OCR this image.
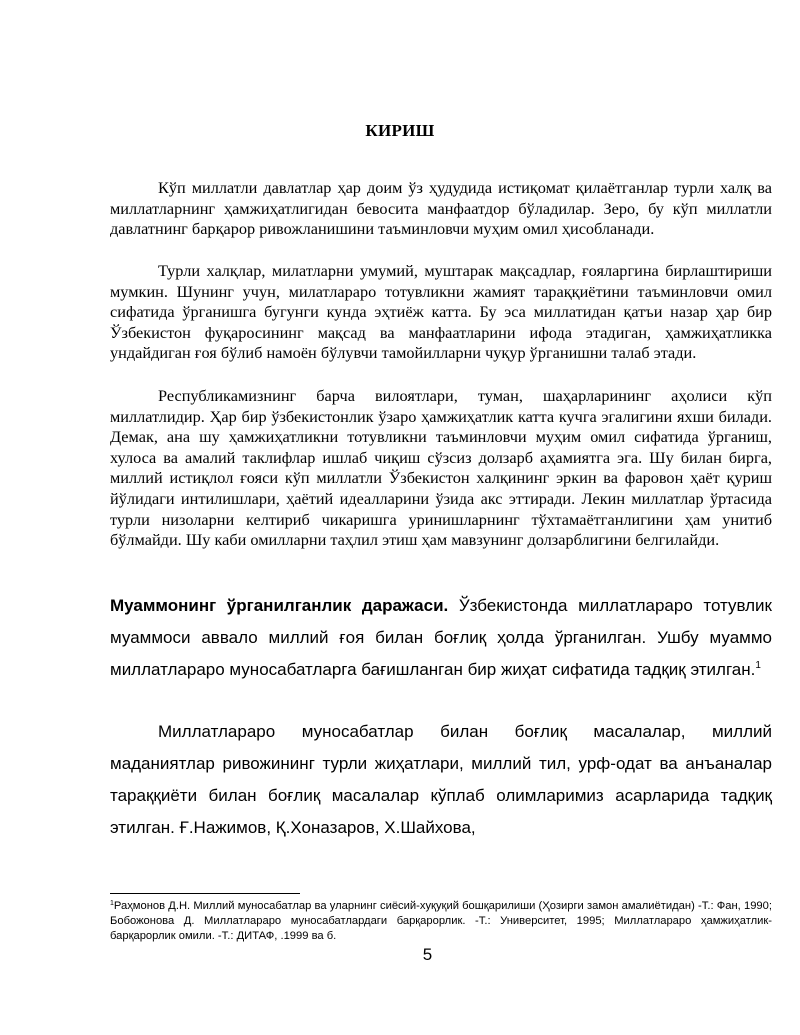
КИРИШ

Кўп миллатли давлатлар ҳар доим ўз ҳудудида истиқомат қилаётганлар турли халқ ва миллатларнинг ҳамжиҳатлигидан бевосита манфаатдор бўладилар. Зеро, бу кўп миллатли давлатнинг барқарор ривожланишини таъминловчи муҳим омил ҳисобланади.

Турли халқлар, милатларни умумий, муштарак мақсадлар, ғояларгина бирлаштириши мумкин. Шунинг учун, милатлараро тотувликни жамият тараққиётини таъминловчи омил сифатида ўрганишга бугунги кунда эҳтиёж катта. Бу эса миллатидан қатъи назар ҳар бир Ўзбекистон фуқаросининг мақсад ва манфаатларини ифода этадиган, ҳамжиҳатликка ундайдиган ғоя бўлиб намоён бўлувчи тамойилларни чуқур ўрганишни талаб этади.

Республикамизнинг барча вилоятлари, туман, шаҳарларининг аҳолиси кўп миллатлидир. Ҳар бир ўзбекистонлик ўзаро ҳамжиҳатлик катта кучга эгалигини яхши билади. Демак, ана шу ҳамжиҳатликни тотувликни таъминловчи муҳим омил сифатида ўрганиш, хулоса ва амалий таклифлар ишлаб чиқиш сўзсиз долзарб аҳамиятга эга. Шу билан бирга, миллий истиқлол ғояси кўп миллатли Ўзбекистон халқининг эркин ва фаровон ҳаёт қуриш йўлидаги интилишлари, ҳаётий идеалларини ўзида акс эттиради. Лекин миллатлар ўртасида турли низоларни келтириб чикаришга уринишларнинг тўхтамаётганлигини ҳам унитиб бўлмайди. Шу каби омилларни таҳлил этиш ҳам мавзунинг долзарблигини белгилайди.

Муаммонинг ўрганилганлик даражаси. Ўзбекистонда миллатлараро тотувлик муаммоси аввало миллий ғоя билан боғлиқ ҳолда ўрганилган. Ушбу муаммо миллатлараро муносабатларга бағишланган бир жиҳат сифатида тадқиқ этилган.$^1$
Миллатлараро муносабатлар билан боғлиқ масалалар, миллий маданиятлар ривожининг турли жиҳатлари, миллий тил, урф-одат ва анъаналар тараққиёти билан боғлиқ масалалар кўплаб олимларимиз асарларида тадқиқ этилган. Ғ.Нажимов, Қ.Хоназаров, Х.Шайхова,
$^1$Раҳмонов Д.Н. Миллий муносабатлар ва уларнинг сиёсий-хуқуқий бошқарилиши (Ҳозирги замон амалиётидан) -Т.: Фан, 1990; Бобожонова Д. Миллатлараро муносабатлардаги барқарорлик. -Т.: Университет, 1995; Миллатлараро ҳамжиҳатлик-барқарорлик омили. -Т.: ДИТАФ, .1999 ва б.
5
